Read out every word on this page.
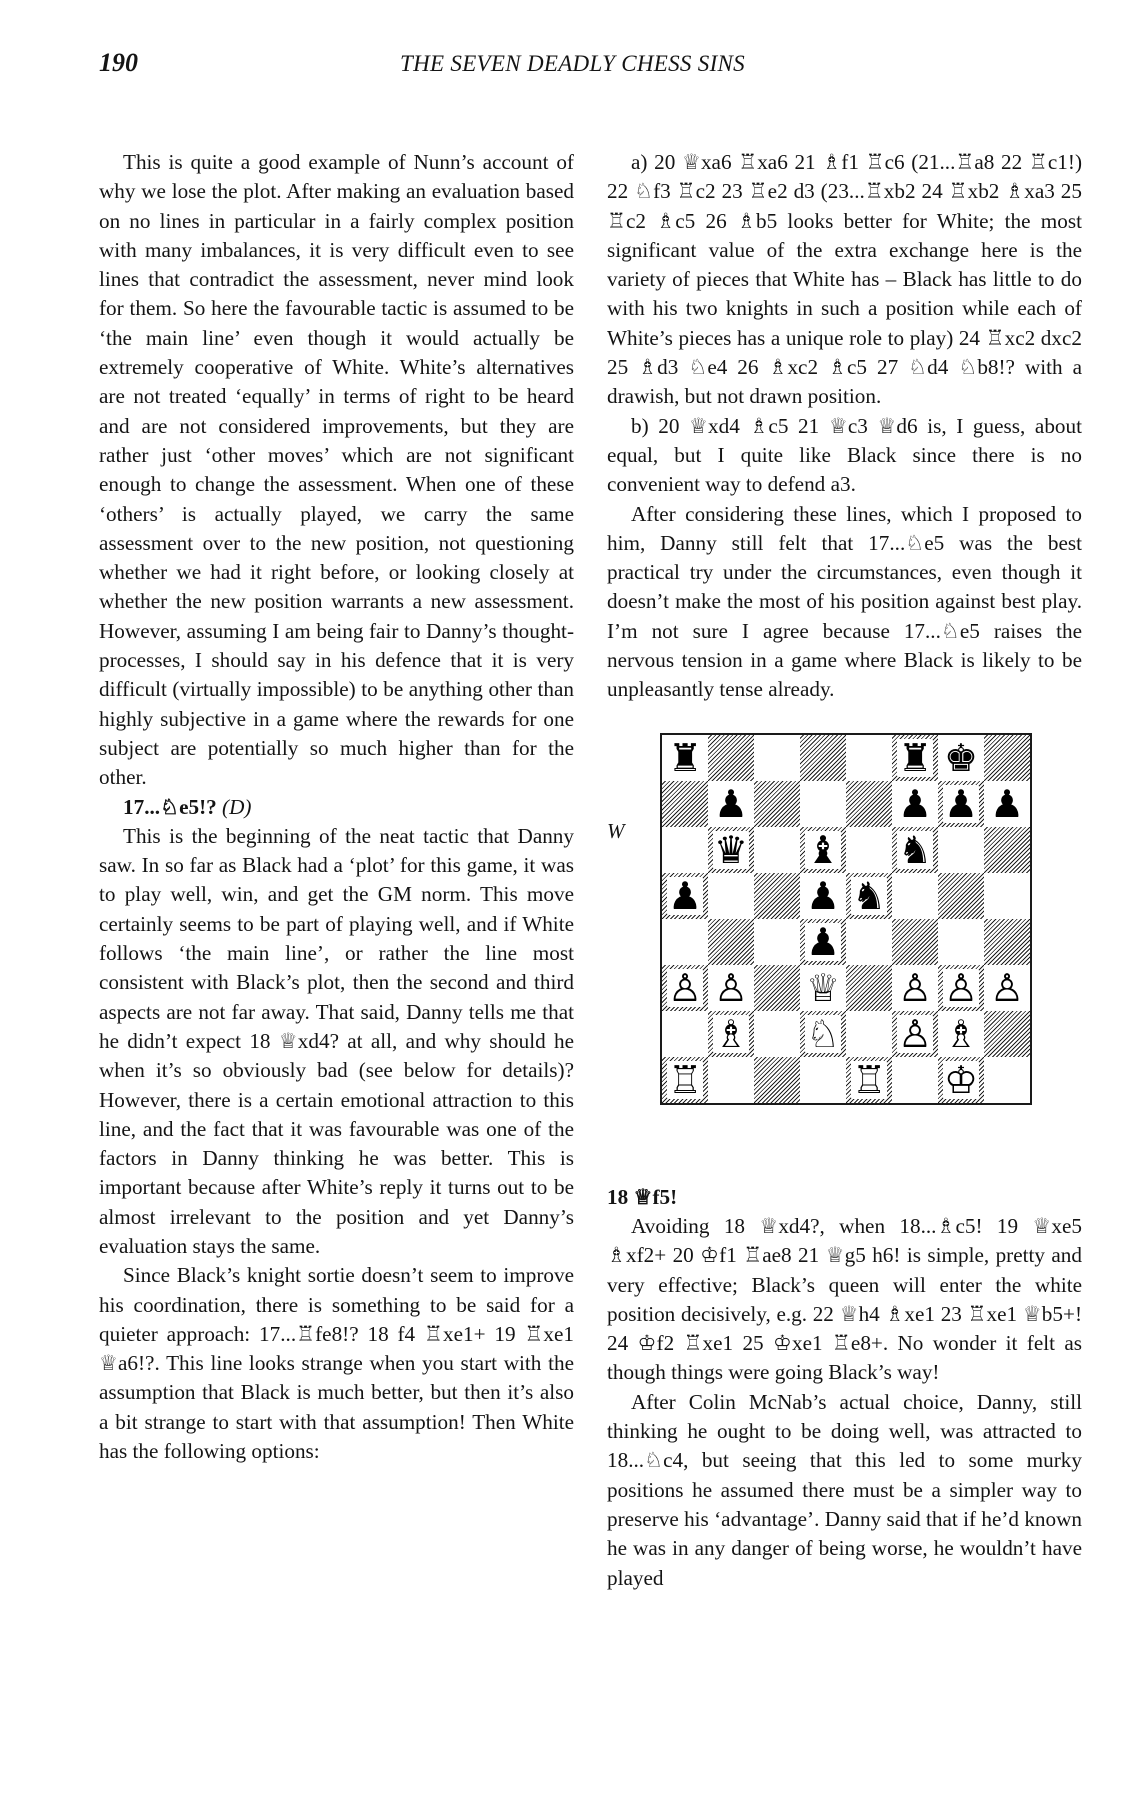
190	THE SEVEN DEADLY CHESS SINS

This is quite a good example of Nunn’s account of why we lose the plot. After making an evaluation based on no lines in particular in a fairly complex position with many imbalances, it is very difficult even to see lines that contradict the assessment, never mind look for them. So here the favourable tactic is assumed to be ‘the main line’ even though it would actually be extremely cooperative of White. White’s alternatives are not treated ‘equally’ in terms of right to be heard and are not considered improvements, but they are rather just ‘other moves’ which are not significant enough to change the assessment. When one of these ‘others’ is actually played, we carry the same assessment over to the new position, not questioning whether we had it right before, or looking closely at whether the new position warrants a new assessment. However, assuming I am being fair to Danny’s thought-processes, I should say in his defence that it is very difficult (virtually impossible) to be anything other than highly subjective in a game where the rewards for one subject are potentially so much higher than for the other.

17...♘e5!? (D)

This is the beginning of the neat tactic that Danny saw. In so far as Black had a ‘plot’ for this game, it was to play well, win, and get the GM norm. This move certainly seems to be part of playing well, and if White follows ‘the main line’, or rather the line most consistent with Black’s plot, then the second and third aspects are not far away. That said, Danny tells me that he didn’t expect 18 ♕xd4? at all, and why should he when it’s so obviously bad (see below for details)? However, there is a certain emotional attraction to this line, and the fact that it was favourable was one of the factors in Danny thinking he was better. This is important because after White’s reply it turns out to be almost irrelevant to the position and yet Danny’s evaluation stays the same.

Since Black’s knight sortie doesn’t seem to improve his coordination, there is something to be said for a quieter approach: 17...♖fe8!? 18 f4 ♖xe1+ 19 ♖xe1 ♕a6!?. This line looks strange when you start with the assumption that Black is much better, but then it’s also a bit strange to start with that assumption! Then White has the following options:

a) 20 ♕xa6 ♖xa6 21 ♗f1 ♖c6 (21...♖a8 22 ♖c1!) 22 ♘f3 ♖c2 23 ♖e2 d3 (23...♖xb2 24 ♖xb2 ♗xa3 25 ♖c2 ♗c5 26 ♗b5 looks better for White; the most significant value of the extra exchange here is the variety of pieces that White has – Black has little to do with his two knights in such a position while each of White’s pieces has a unique role to play) 24 ♖xc2 dxc2 25 ♗d3 ♘e4 26 ♗xc2 ♗c5 27 ♘d4 ♘b8!? with a drawish, but not drawn position.

b) 20 ♕xd4 ♗c5 21 ♕c3 ♕d6 is, I guess, about equal, but I quite like Black since there is no convenient way to defend a3.

After considering these lines, which I proposed to him, Danny still felt that 17...♘e5 was the best practical try under the circumstances, even though it doesn’t make the most of his position against best play. I’m not sure I agree because 17...♘e5 raises the nervous tension in a game where Black is likely to be unpleasantly tense already.

W
♜	♜ ♚
♟	♟ ♟ ♟
♛ ♝ ♞
♟	♟ ♞
♟
♙ ♙ ♕ ♙ ♙ ♙
♗ ♘ ♙ ♗
♖	♖ ♔

18 ♕f5!

Avoiding 18 ♕xd4?, when 18...♗c5! 19 ♕xe5 ♗xf2+ 20 ♔f1 ♖ae8 21 ♕g5 h6! is simple, pretty and very effective; Black’s queen will enter the white position decisively, e.g. 22 ♕h4 ♗xe1 23 ♖xe1 ♕b5+! 24 ♔f2 ♖xe1 25 ♔xe1 ♖e8+. No wonder it felt as though things were going Black’s way!

After Colin McNab’s actual choice, Danny, still thinking he ought to be doing well, was attracted to 18...♘c4, but seeing that this led to some murky positions he assumed there must be a simpler way to preserve his ‘advantage’. Danny said that if he’d known he was in any danger of being worse, he wouldn’t have played
